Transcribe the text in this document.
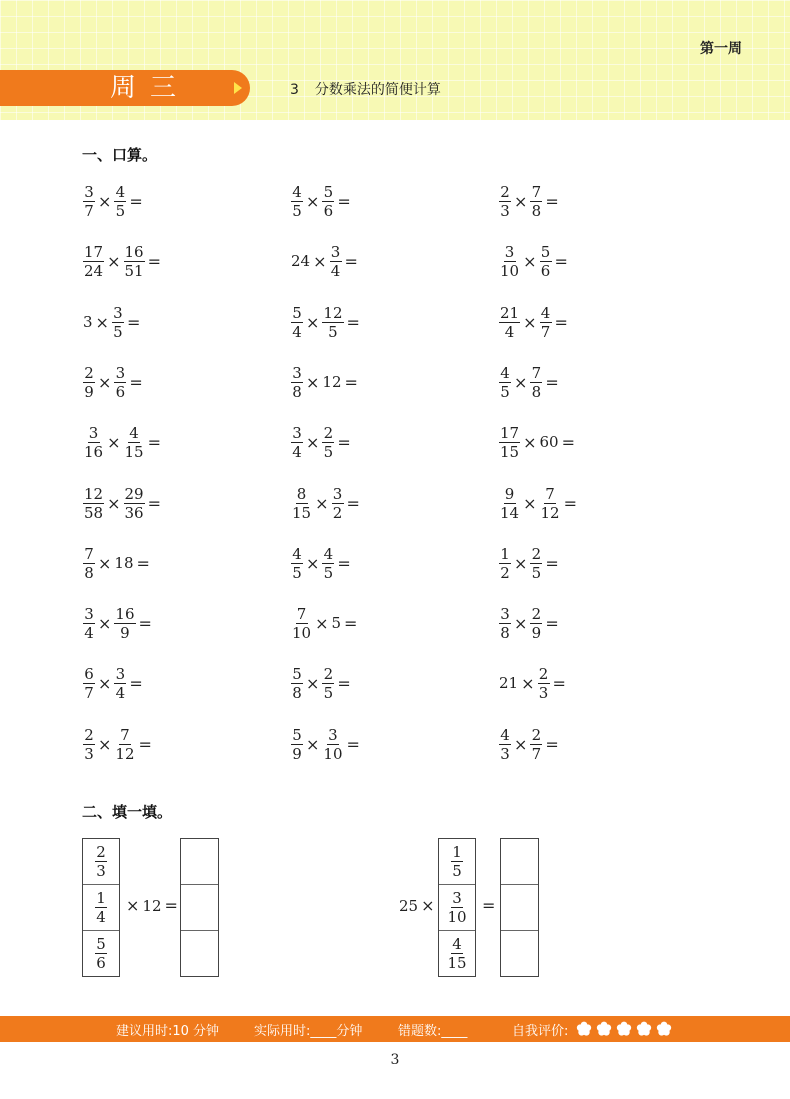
第一周
周三	3 分数乘法的简便计算
一、口算。
$\frac{3}{7} \times \frac{4}{5}$ =	$\frac{4}{5} \times \frac{5}{6}$ =	$\frac{2}{3} \times \frac{7}{8}$ =
$\frac{17}{24} \times \frac{16}{51}$ =	$24 \times \frac{3}{4}$ =	$\frac{3}{10} \times \frac{5}{6}$ =
$3 \times \frac{3}{5}$ =	$\frac{5}{4} \times \frac{12}{5}$ =	$\frac{21}{4} \times \frac{4}{7}$ =
$\frac{2}{9} \times \frac{3}{6}$ =	$\frac{3}{8} \times 12$ =	$\frac{4}{5} \times \frac{7}{8}$ =
$\frac{3}{16} \times \frac{4}{15}$ =	$\frac{3}{4} \times \frac{2}{5}$ =	$\frac{17}{15} \times 60$ =
$\frac{12}{58} \times \frac{29}{36}$ =	$\frac{8}{15} \times \frac{3}{2}$ =	$\frac{9}{14} \times \frac{7}{12}$ =
$\frac{7}{8} \times 18$ =	$\frac{4}{5} \times \frac{4}{5}$ =	$\frac{1}{2} \times \frac{2}{5}$ =
$\frac{3}{4} \times \frac{16}{9}$ =	$\frac{7}{10} \times 5$ =	$\frac{3}{8} \times \frac{2}{9}$ =
$\frac{6}{7} \times \frac{3}{4}$ =	$\frac{5}{8} \times \frac{2}{5}$ =	$21 \times \frac{2}{3}$ =
$\frac{2}{3} \times \frac{7}{12}$ =	$\frac{5}{9} \times \frac{3}{10}$ =	$\frac{4}{3} \times \frac{2}{7}$ =
二、填一填。
$\frac{2}{3}$
$\frac{1}{4}$
$\frac{5}{6}$
× 12 =	25 ×
$\frac{1}{5}$
$\frac{3}{10}$
$\frac{4}{15}$
=
建议用时:10 分钟	实际用时:____分钟	错题数:____	自我评价:
3
